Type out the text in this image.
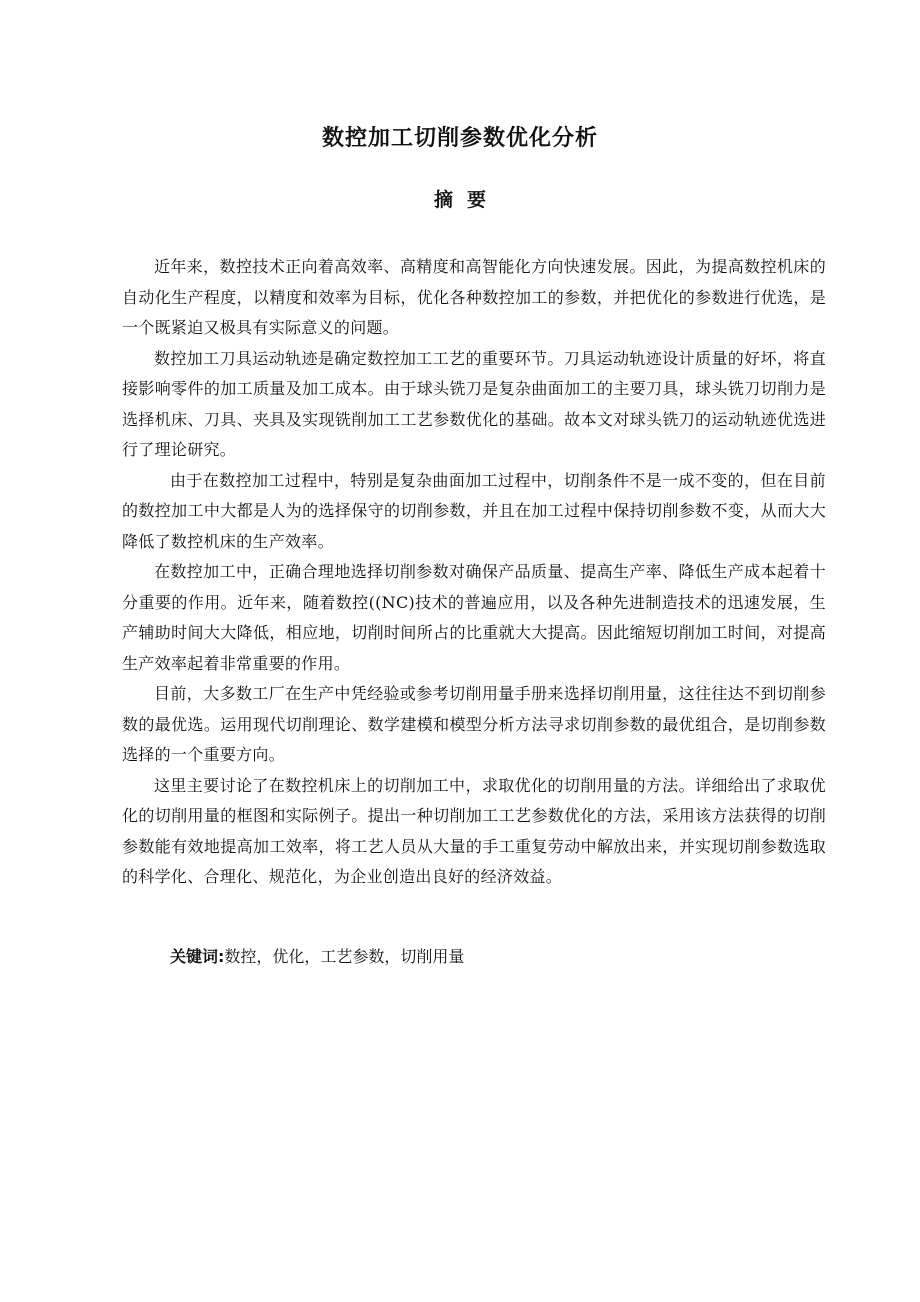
数控加工切削参数优化分析
摘要

近年来，数控技术正向着高效率、高精度和高智能化方向快速发展。因此，为提高数控机床的自动化生产程度，以精度和效率为目标，优化各种数控加工的参数，并把优化的参数进行优选，是一个既紧迫又极具有实际意义的问题。

数控加工刀具运动轨迹是确定数控加工工艺的重要环节。刀具运动轨迹设计质量的好坏，将直接影响零件的加工质量及加工成本。由于球头铣刀是复杂曲面加工的主要刀具，球头铣刀切削力是选择机床、刀具、夹具及实现铣削加工工艺参数优化的基础。故本文对球头铣刀的运动轨迹优选进行了理论研究。

由于在数控加工过程中，特别是复杂曲面加工过程中，切削条件不是一成不变的，但在目前的数控加工中大都是人为的选择保守的切削参数，并且在加工过程中保持切削参数不变，从而大大降低了数控机床的生产效率。

在数控加工中，正确合理地选择切削参数对确保产品质量、提高生产率、降低生产成本起着十分重要的作用。近年来，随着数控((NC)技术的普遍应用，以及各种先进制造技术的迅速发展，生产辅助时间大大降低，相应地，切削时间所占的比重就大大提高。因此缩短切削加工时间，对提高生产效率起着非常重要的作用。

目前，大多数工厂在生产中凭经验或参考切削用量手册来选择切削用量，这往往达不到切削参数的最优选。运用现代切削理论、数学建模和模型分析方法寻求切削参数的最优组合，是切削参数选择的一个重要方向。

这里主要讨论了在数控机床上的切削加工中，求取优化的切削用量的方法。详细给出了求取优化的切削用量的框图和实际例子。提出一种切削加工工艺参数优化的方法，采用该方法获得的切削参数能有效地提高加工效率，将工艺人员从大量的手工重复劳动中解放出来，并实现切削参数选取的科学化、合理化、规范化，为企业创造出良好的经济效益。

关键词:数控，优化，工艺参数，切削用量
